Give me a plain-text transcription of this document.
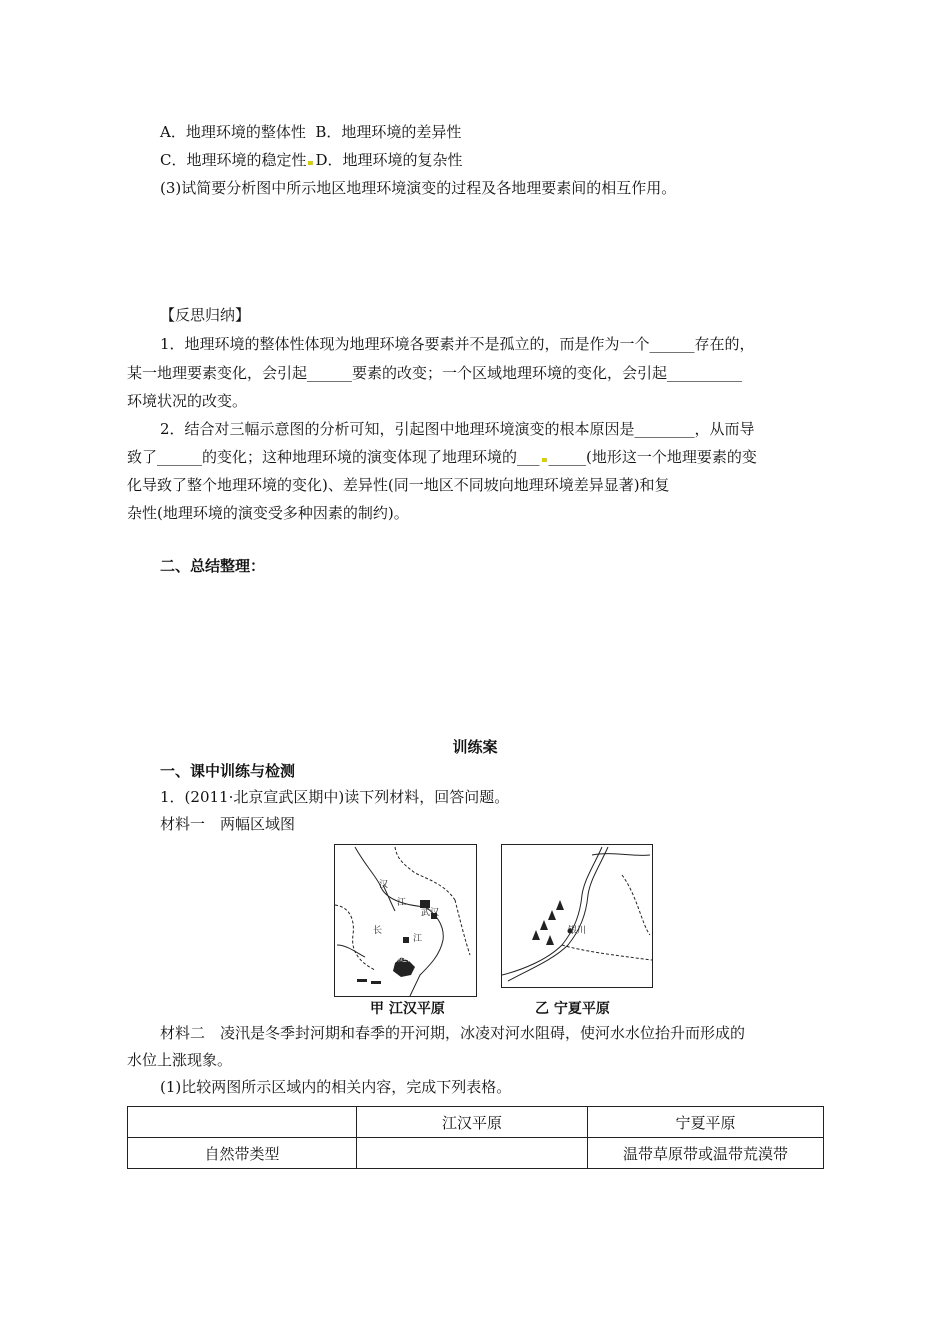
A．地理环境的整体性 B．地理环境的差异性
C．地理环境的稳定性 D．地理环境的复杂性
(3)试简要分析图中所示地区地理环境演变的过程及各地理要素间的相互作用。
【反思归纳】
1．地理环境的整体性体现为地理环境各要素并不是孤立的，而是作为一个______存在的，
某一地理要素变化，会引起______要素的改变；一个区域地理环境的变化，会引起__________
环境状况的改变。
2．结合对三幅示意图的分析可知，引起图中地理环境演变的根本原因是________，从而导
致了______的变化；这种地理环境的演变体现了地理环境的___ _____(地形这一个地理要素的变
化导致了整个地理环境的变化)、差异性(同一地区不同坡向地理环境差异显著)和复
杂性(地理环境的演变受多种因素的制约)。
二、总结整理：
训练案
一、课中训练与检测
1．(2011·北京宣武区期中)读下列材料，回答问题。
材料一　两幅区域图
汉
江
武汉
长
江
洞庭湖
甲 江汉平原
银川
乙 宁夏平原
材料二　凌汛是冬季封河期和春季的开河期，冰凌对河水阻碍，使河水水位抬升而形成的
水位上涨现象。
(1)比较两图所示区域内的相关内容，完成下列表格。
	江汉平原	宁夏平原
自然带类型		温带草原带或温带荒漠带
